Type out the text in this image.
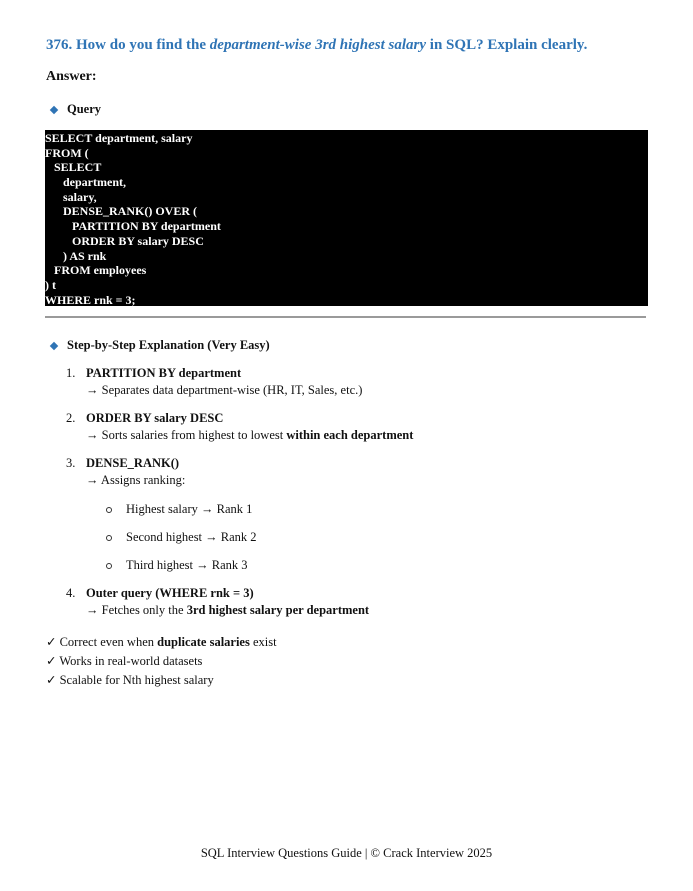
376. How do you find the department-wise 3rd highest salary in SQL? Explain clearly.
Answer:
Query
SELECT department, salary
FROM (
SELECT
department,
salary,
DENSE_RANK() OVER (
PARTITION BY department
ORDER BY salary DESC
) AS rnk
FROM employees
) t
WHERE rnk = 3;
Step-by-Step Explanation (Very Easy)
1. PARTITION BY department
→ Separates data department-wise (HR, IT, Sales, etc.)
2. ORDER BY salary DESC
→ Sorts salaries from highest to lowest within each department
3. DENSE_RANK()
→ Assigns ranking:
4. Outer query (WHERE rnk = 3)
→ Fetches only the 3rd highest salary per department
Highest salary → Rank 1
Second highest → Rank 2
Third highest → Rank 3
✓ Correct even when duplicate salaries exist
✓ Works in real-world datasets
✓ Scalable for Nth highest salary
SQL Interview Questions Guide | © Crack Interview 2025
